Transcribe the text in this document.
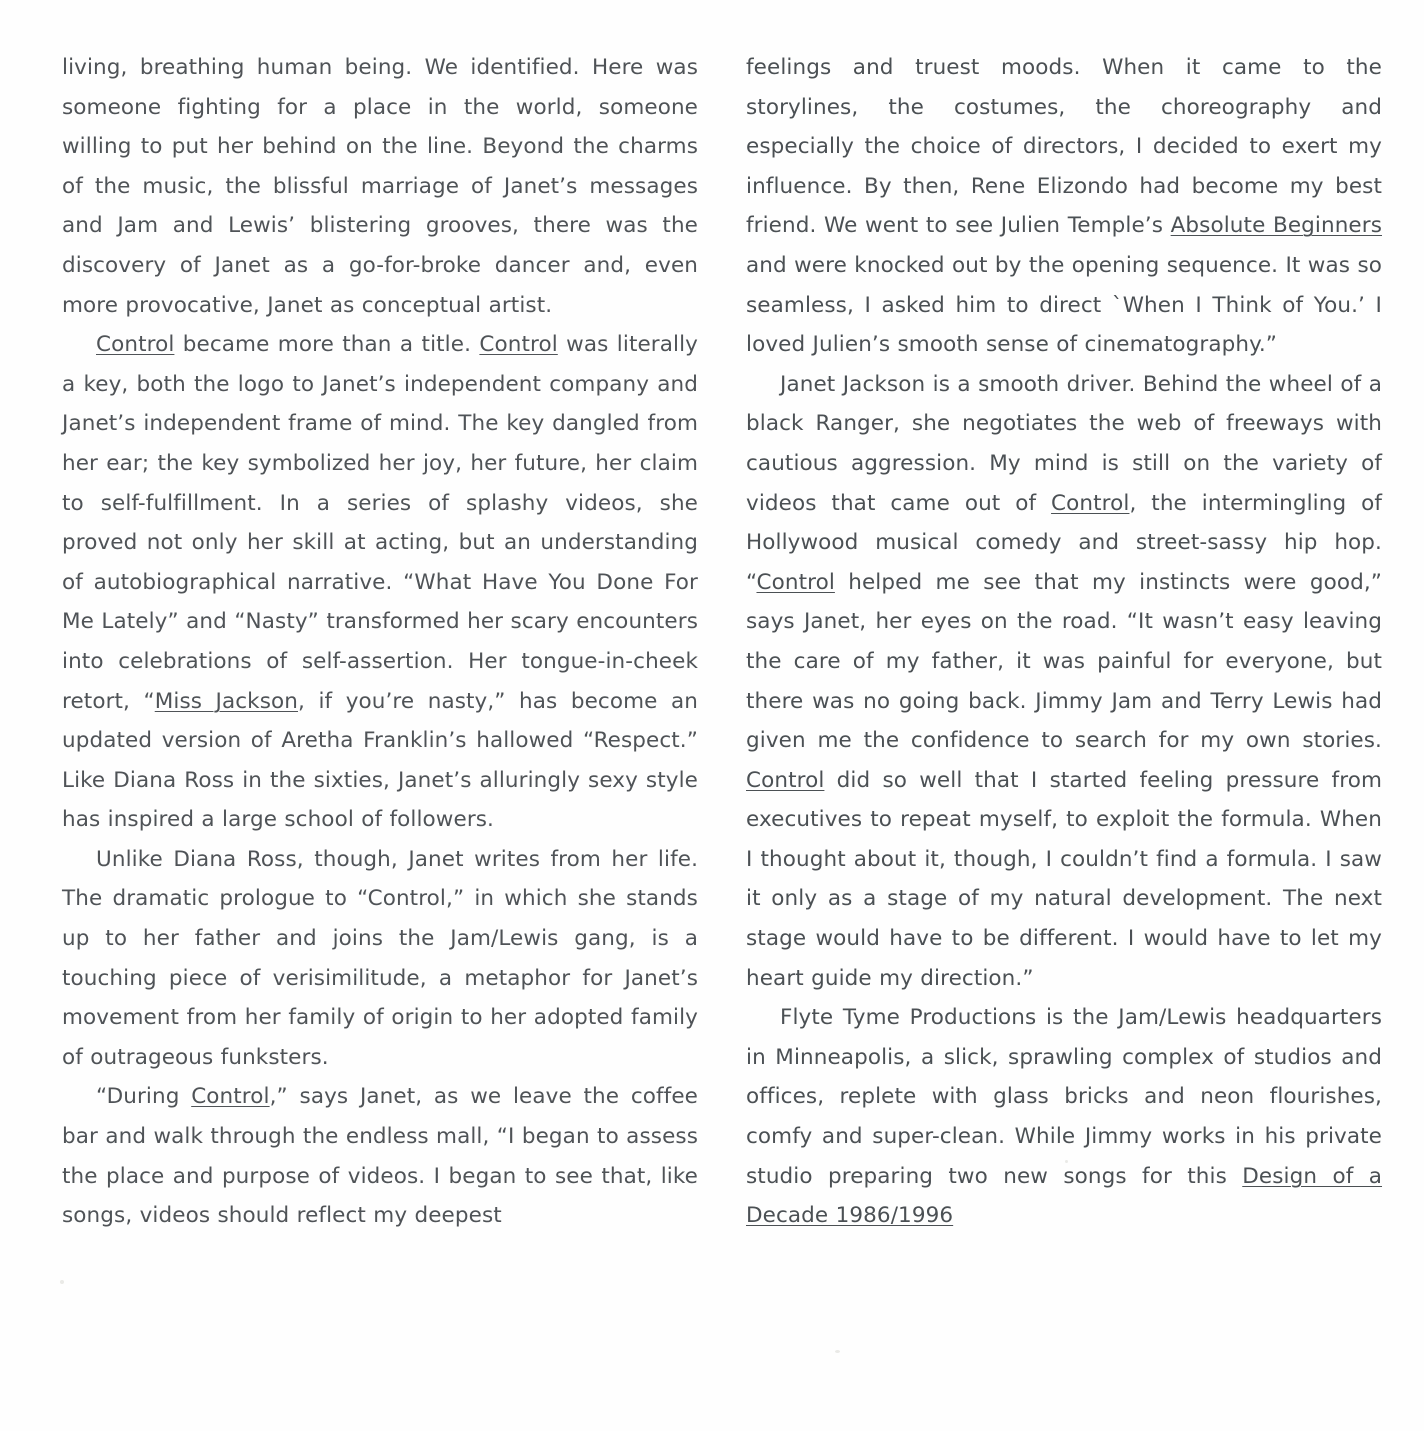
living, breathing human being. We identified. Here was someone fighting for a place in the world, someone willing to put her behind on the line. Beyond the charms of the music, the blissful marriage of Janet’s messages and Jam and Lewis’ blistering grooves, there was the discovery of Janet as a go-for-broke dancer and, even more provocative, Janet as conceptual artist.

Control became more than a title. Control was literally a key, both the logo to Janet’s independent company and Janet’s independent frame of mind. The key dangled from her ear; the key symbolized her joy, her future, her claim to self-fulfillment. In a series of splashy videos, she proved not only her skill at acting, but an understanding of autobiographical narrative. “What Have You Done For Me Lately” and “Nasty” transformed her scary encounters into celebrations of self-assertion. Her tongue-in-cheek retort, “Miss Jackson, if you’re nasty,” has become an updated version of Aretha Franklin’s hallowed “Respect.” Like Diana Ross in the sixties, Janet’s alluringly sexy style has inspired a large school of followers.

Unlike Diana Ross, though, Janet writes from her life. The dramatic prologue to “Control,” in which she stands up to her father and joins the Jam/Lewis gang, is a touching piece of verisimilitude, a metaphor for Janet’s movement from her family of origin to her adopted family of outrageous funksters.

“During Control,” says Janet, as we leave the coffee bar and walk through the endless mall, “I began to assess the place and purpose of videos. I began to see that, like songs, videos should reflect my deepest

feelings and truest moods. When it came to the storylines, the costumes, the choreography and especially the choice of directors, I decided to exert my influence. By then, Rene Elizondo had become my best friend. We went to see Julien Temple’s Absolute Beginners and were knocked out by the opening sequence. It was so seamless, I asked him to direct `When I Think of You.’ I loved Julien’s smooth sense of cinematography.”

Janet Jackson is a smooth driver. Behind the wheel of a black Ranger, she negotiates the web of freeways with cautious aggression. My mind is still on the variety of videos that came out of Control, the intermingling of Hollywood musical comedy and street-sassy hip hop. “Control helped me see that my instincts were good,” says Janet, her eyes on the road. “It wasn’t easy leaving the care of my father, it was painful for everyone, but there was no going back. Jimmy Jam and Terry Lewis had given me the confidence to search for my own stories. Control did so well that I started feeling pressure from executives to repeat myself, to exploit the formula. When I thought about it, though, I couldn’t find a formula. I saw it only as a stage of my natural development. The next stage would have to be different. I would have to let my heart guide my direction.”

Flyte Tyme Productions is the Jam/Lewis headquarters in Minneapolis, a slick, sprawling complex of studios and offices, replete with glass bricks and neon flourishes, comfy and super-clean. While Jimmy works in his private studio preparing two new songs for this Design of a Decade 1986/1996
